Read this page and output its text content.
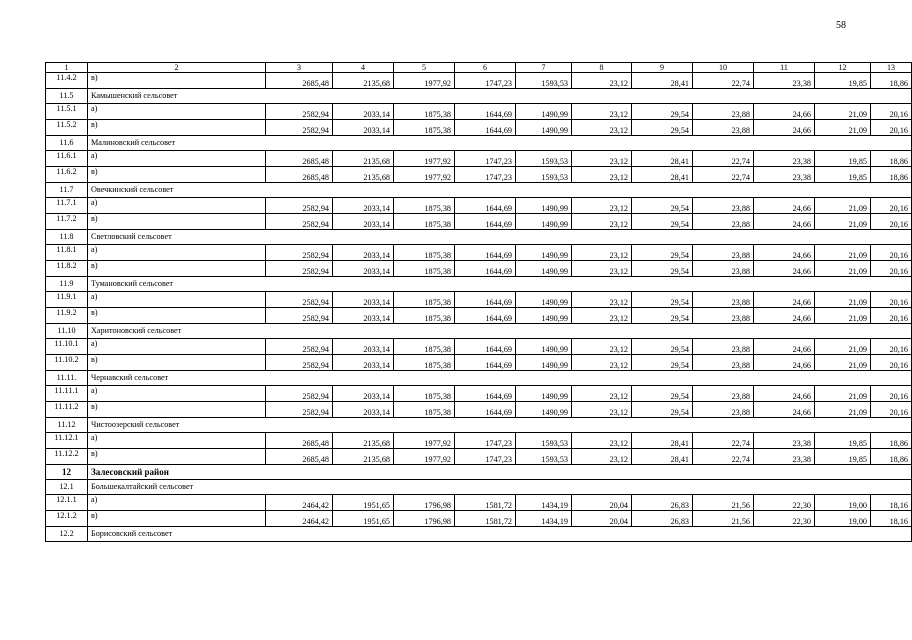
58
1	2	3	4	5	6	7	8	9	10	11	12	13
11.4.2	в)	2685,48	2135,68	1977,92	1747,23	1593,53	23,12	28,41	22,74	23,38	19,85	18,86
11.5	Камышенский сельсовет											
11.5.1	а)	2582,94	2033,14	1875,38	1644,69	1490,99	23,12	29,54	23,88	24,66	21,09	20,16
11.5.2	в)	2582,94	2033,14	1875,38	1644,69	1490,99	23,12	29,54	23,88	24,66	21,09	20,16
11.6	Малиновский сельсовет											
11.6.1	а)	2685,48	2135,68	1977,92	1747,23	1593,53	23,12	28,41	22,74	23,38	19,85	18,86
11.6.2	в)	2685,48	2135,68	1977,92	1747,23	1593,53	23,12	28,41	22,74	23,38	19,85	18,86
11.7	Овечкинский сельсовет											
11.7.1	а)	2582,94	2033,14	1875,38	1644,69	1490,99	23,12	29,54	23,88	24,66	21,09	20,16
11.7.2	в)	2582,94	2033,14	1875,38	1644,69	1490,99	23,12	29,54	23,88	24,66	21,09	20,16
11.8	Светловский сельсовет											
11.8.1	а)	2582,94	2033,14	1875,38	1644,69	1490,99	23,12	29,54	23,88	24,66	21,09	20,16
11.8.2	в)	2582,94	2033,14	1875,38	1644,69	1490,99	23,12	29,54	23,88	24,66	21,09	20,16
11.9	Тумановский сельсовет											
11.9.1	а)	2582,94	2033,14	1875,38	1644,69	1490,99	23,12	29,54	23,88	24,66	21,09	20,16
11.9.2	в)	2582,94	2033,14	1875,38	1644,69	1490,99	23,12	29,54	23,88	24,66	21,09	20,16
11.10	Харитоновский сельсовет											
11.10.1	а)	2582,94	2033,14	1875,38	1644,69	1490,99	23,12	29,54	23,88	24,66	21,09	20,16
11.10.2	в)	2582,94	2033,14	1875,38	1644,69	1490,99	23,12	29,54	23,88	24,66	21,09	20,16
11.11.	Чернавский сельсовет											
11.11.1	а)	2582,94	2033,14	1875,38	1644,69	1490,99	23,12	29,54	23,88	24,66	21,09	20,16
11.11.2	в)	2582,94	2033,14	1875,38	1644,69	1490,99	23,12	29,54	23,88	24,66	21,09	20,16
11.12	Чистоозерский сельсовет											
11.12.1	а)	2685,48	2135,68	1977,92	1747,23	1593,53	23,12	28,41	22,74	23,38	19,85	18,86
11.12.2	в)	2685,48	2135,68	1977,92	1747,23	1593,53	23,12	28,41	22,74	23,38	19,85	18,86
12	Залесовский район											
12.1	Большекалтайский сельсовет											
12.1.1	а)	2464,42	1951,65	1796,98	1581,72	1434,19	20,04	26,83	21,56	22,30	19,00	18,16
12.1.2	в)	2464,42	1951,65	1796,98	1581,72	1434,19	20,04	26,83	21,56	22,30	19,00	18,16
12.2	Борисовский сельсовет											
